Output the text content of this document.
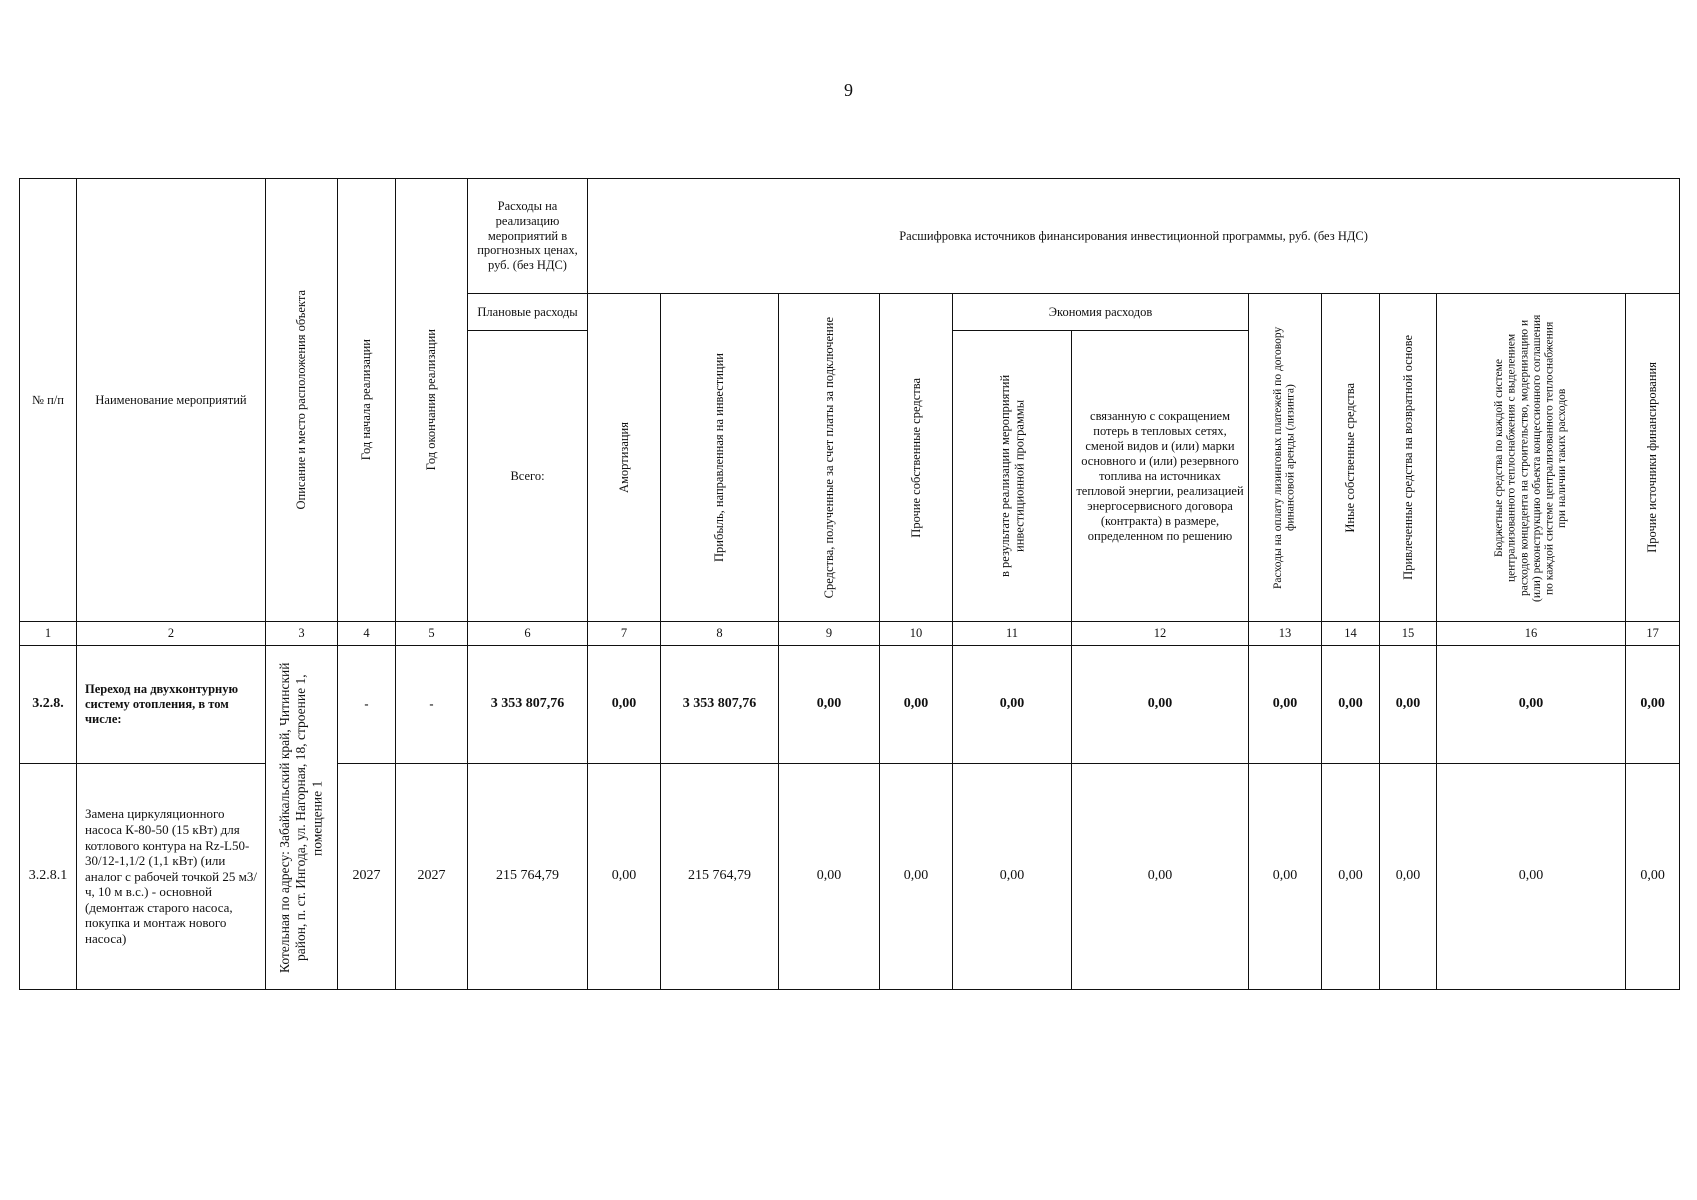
9
№ п/п	Наименование мероприятий	Описание и место расположения объекта	Год начала реализации	Год окончания реализации	Расходы на реализацию мероприятий в прогнозных ценах, руб. (без НДС)	Расшифровка источников финансирования инвестиционной программы, руб. (без НДС)										
					Плановые расходы	Амортизация	Прибыль, направленная на инвестиции	Средства, полученные за счет платы за подключение	Прочие собственные средства	Экономия расходов		Расходы на оплату лизинговых платежей по договору финансовой аренды (лизинга)	Иные собственные средства	Привлеченные средства на возвратной основе	Бюджетные средства по каждой системе централизованного теплоснабжения с выделением расходов концедента на строительство, модернизацию и (или) реконструкцию объекта концессионного соглашения по каждой системе централизованного теплоснабжения при наличии таких расходов	Прочие источники финансирования

					Всего:					в результате реализации мероприятий инвестиционной программы	связанную с сокращением потерь в тепловых сетях, сменой видов и (или) марки основного и (или) резервного топлива на источниках тепловой энергии, реализацией энергосервисного договора (контракта) в размере, определенном по решению					
1	2	3	4	5	6	7	8	9	10	11	12	13	14	15	16	17
3.2.8.	Переход на двухконтурную систему отопления, в том числе:	Котельная по адресу: Забайкальский край, Читинский район, п. ст. Ингода, ул. Нагорная, 18, строение 1, помещение 1	-	-	3 353 807,76	0,00	3 353 807,76	0,00	0,00	0,00	0,00	0,00	0,00	0,00	0,00	0,00
3.2.8.1	Замена циркуляционного насоса К-80-50 (15 кВт) для котлового контура на Rz-L50-30/12-1,1/2 (1,1 кВт) (или аналог с рабочей точкой 25 м3/ч, 10 м в.с.) - основной (демонтаж старого насоса, покупка и монтаж нового насоса)		2027	2027	215 764,79	0,00	215 764,79	0,00	0,00	0,00	0,00	0,00	0,00	0,00	0,00	0,00
